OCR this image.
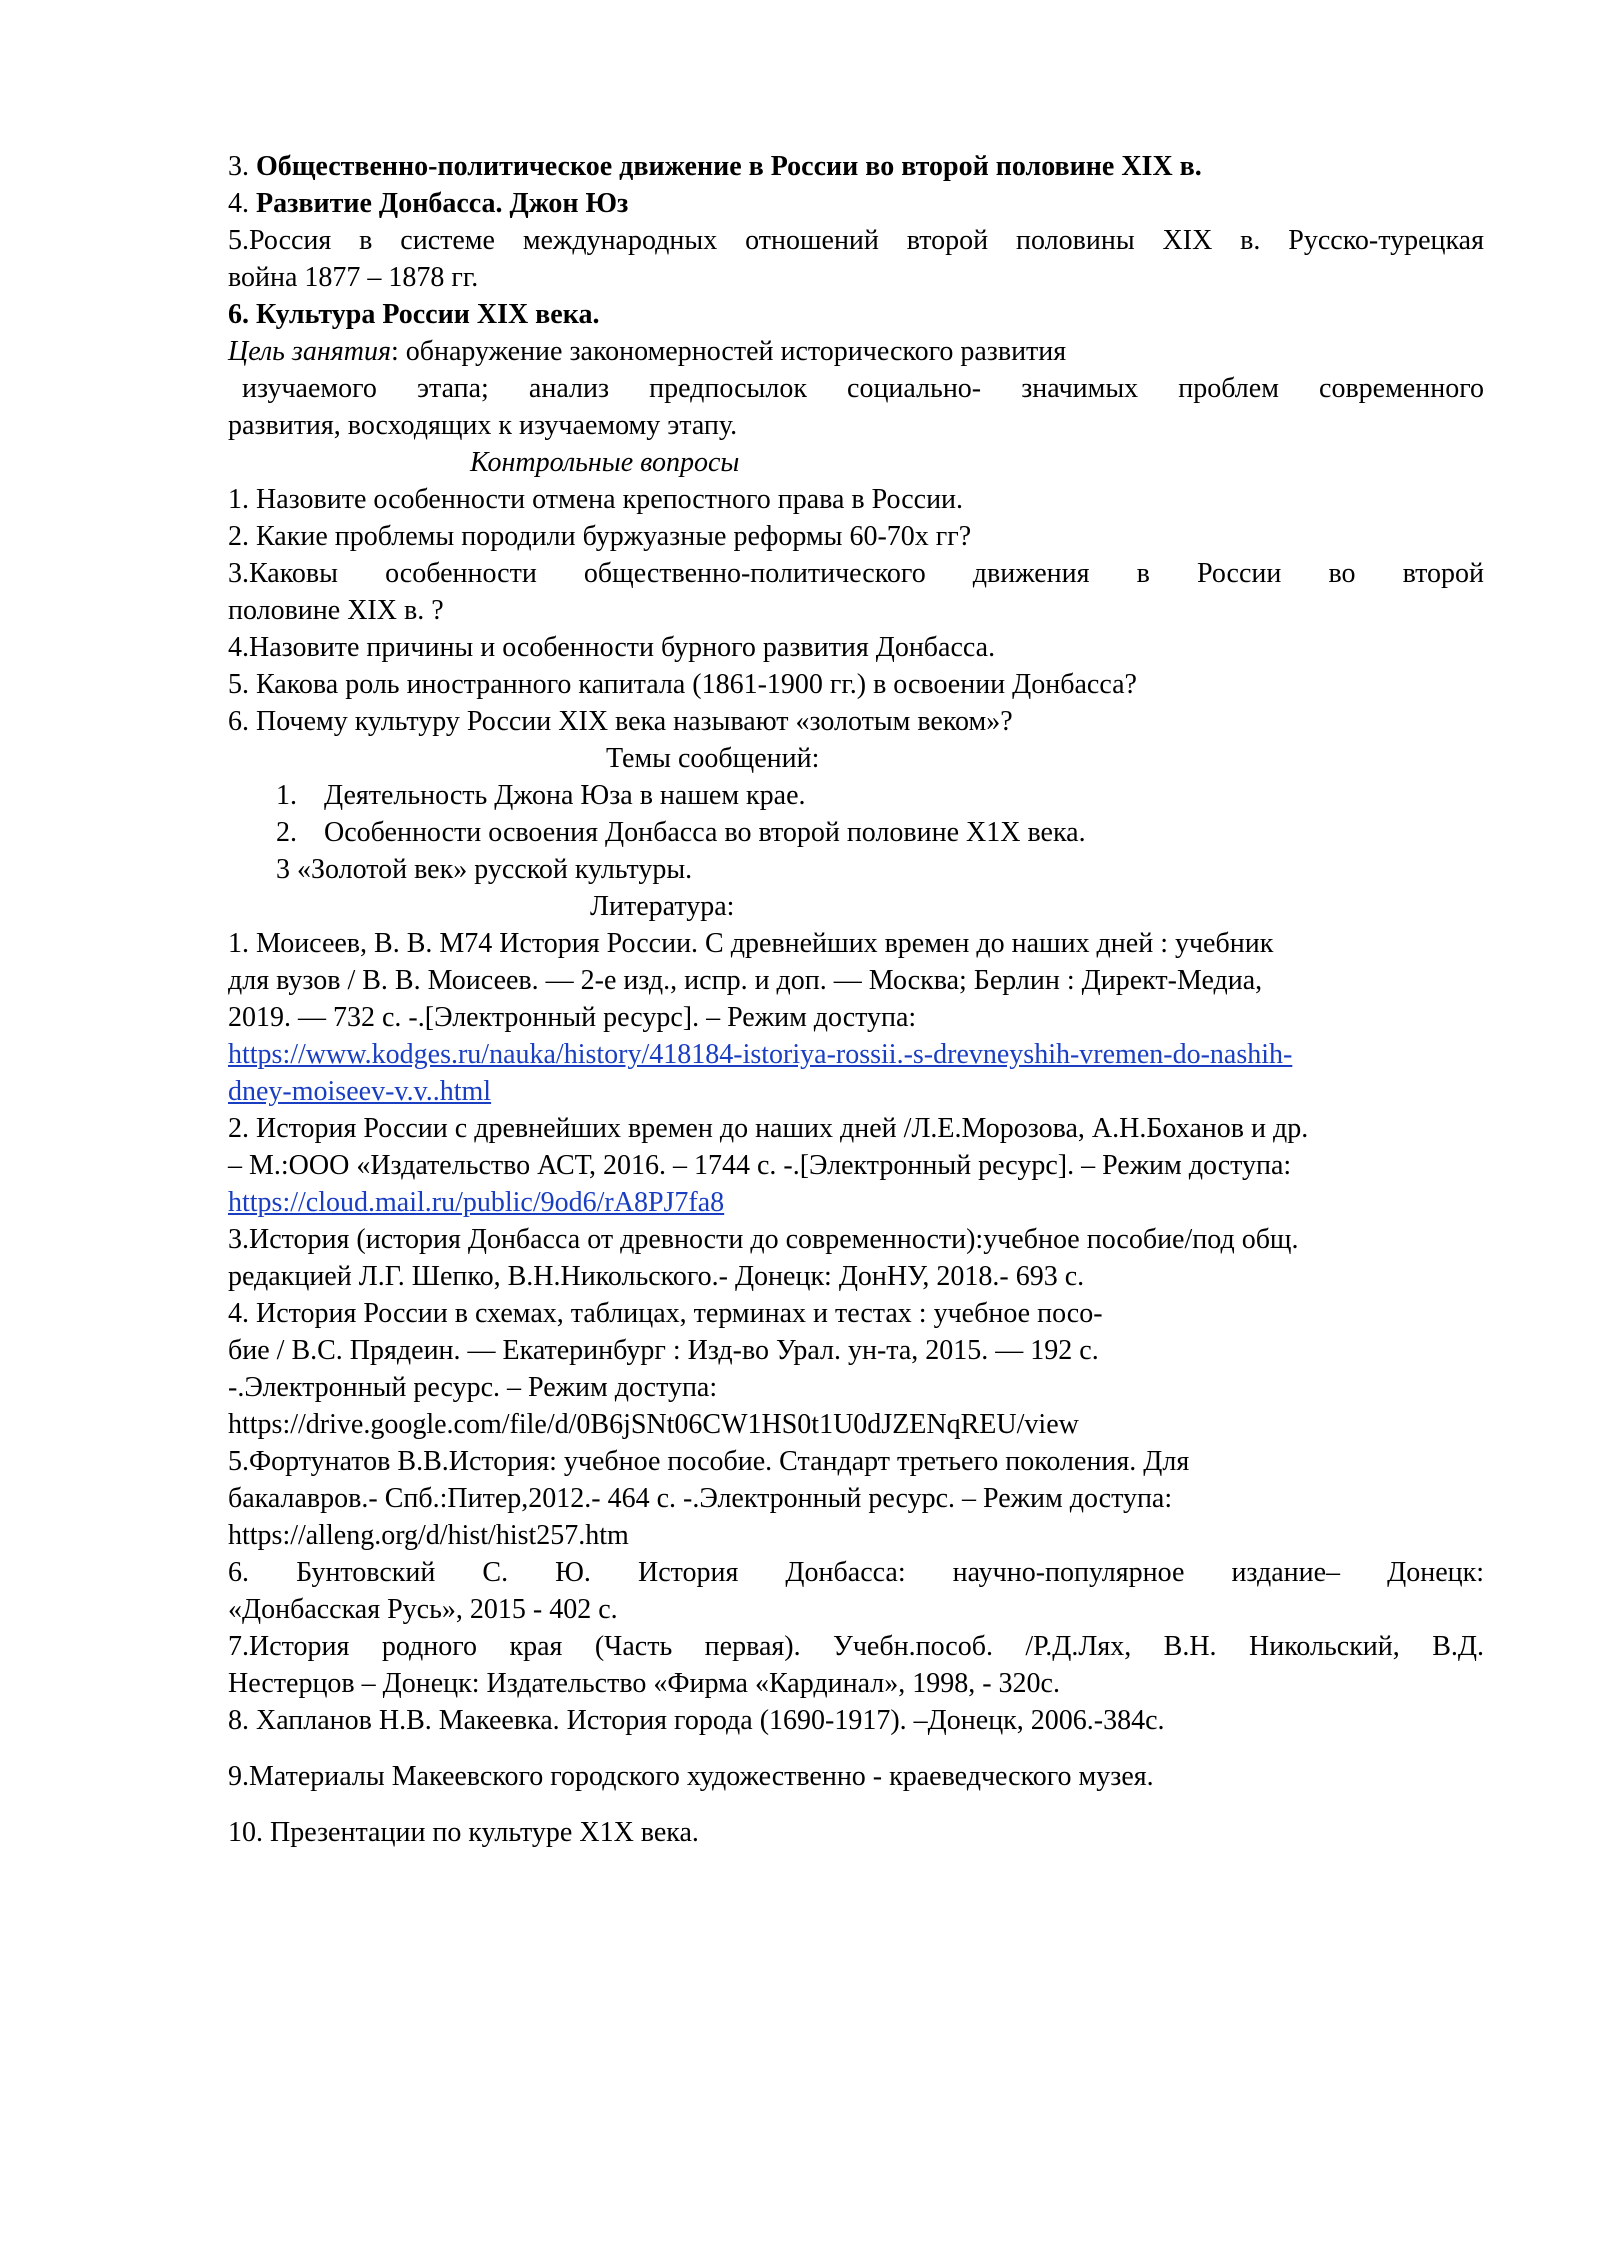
3. Общественно-политическое движение в России во второй половине XIX в.
4. Развитие Донбасса. Джон Юз
5.Россия в системе международных отношений второй половины XIX в. Русско-турецкая
война 1877 – 1878 гг.
6. Культура России XIX века.
Цель занятия: обнаружение закономерностей исторического развития
изучаемого этапа; анализ предпосылок социально- значимых проблем современного
развития, восходящих к изучаемому этапу.
Контрольные вопросы
1. Назовите особенности отмена крепостного права в России.
2. Какие проблемы породили буржуазные реформы 60-70х гг?
3.Каковы особенности общественно-политического движения в России во второй
половине XIX в. ?
4.Назовите причины и особенности бурного развития Донбасса.
5. Какова роль иностранного капитала (1861-1900 гг.) в освоении Донбасса?
6. Почему культуру России XIX века называют «золотым веком»?
Темы сообщений:
1. Деятельность Джона Юза в нашем крае.
2. Особенности освоения Донбасса во второй половине Х1Х века.
3 «Золотой век» русской культуры.
Литература:
1. Моисеев, В. В. М74 История России. С древнейших времен до наших дней : учебник
для вузов / В. В. Моисеев. — 2-е изд., испр. и доп. — Москва; Берлин : Директ-Медиа,
2019. — 732 с. -.[Электронный ресурс]. – Режим доступа:
https://www.kodges.ru/nauka/history/418184-istoriya-rossii.-s-drevneyshih-vremen-do-nashih-
dney-moiseev-v.v..html
2. История России с древнейших времен до наших дней /Л.Е.Морозова, А.Н.Боханов и др.
– М.:ООО «Издательство АСТ, 2016. – 1744 с. -.[Электронный ресурс]. – Режим доступа:
https://cloud.mail.ru/public/9od6/rA8PJ7fa8
3.История (история Донбасса от древности до современности):учебное пособие/под общ.
редакцией Л.Г. Шепко, В.Н.Никольского.- Донецк: ДонНУ, 2018.- 693 с.
4. История России в схемах, таблицах, терминах и тестах : учебное посо-
бие / В.С. Прядеин. — Екатеринбург : Изд-во Урал. ун-та, 2015. — 192 с.
-.Электронный ресурс. – Режим доступа:
https://drive.google.com/file/d/0B6jSNt06CW1HS0t1U0dJZENqREU/view
5.Фортунатов В.В.История: учебное пособие. Стандарт третьего поколения. Для
бакалавров.- Спб.:Питер,2012.- 464 с. -.Электронный ресурс. – Режим доступа:
https://alleng.org/d/hist/hist257.htm
6. Бунтовский С. Ю. История Донбасса: научно-популярное издание– Донецк:
«Донбасская Русь», 2015 - 402 с.
7.История родного края (Часть первая). Учебн.пособ. /Р.Д.Лях, В.Н. Никольский, В.Д.
Нестерцов – Донецк: Издательство «Фирма «Кардинал», 1998, - 320с.
8. Хапланов Н.В. Макеевка. История города (1690-1917). –Донецк, 2006.-384с.
9.Материалы Макеевского городского художественно - краеведческого музея.
10. Презентации по культуре Х1Х века.
